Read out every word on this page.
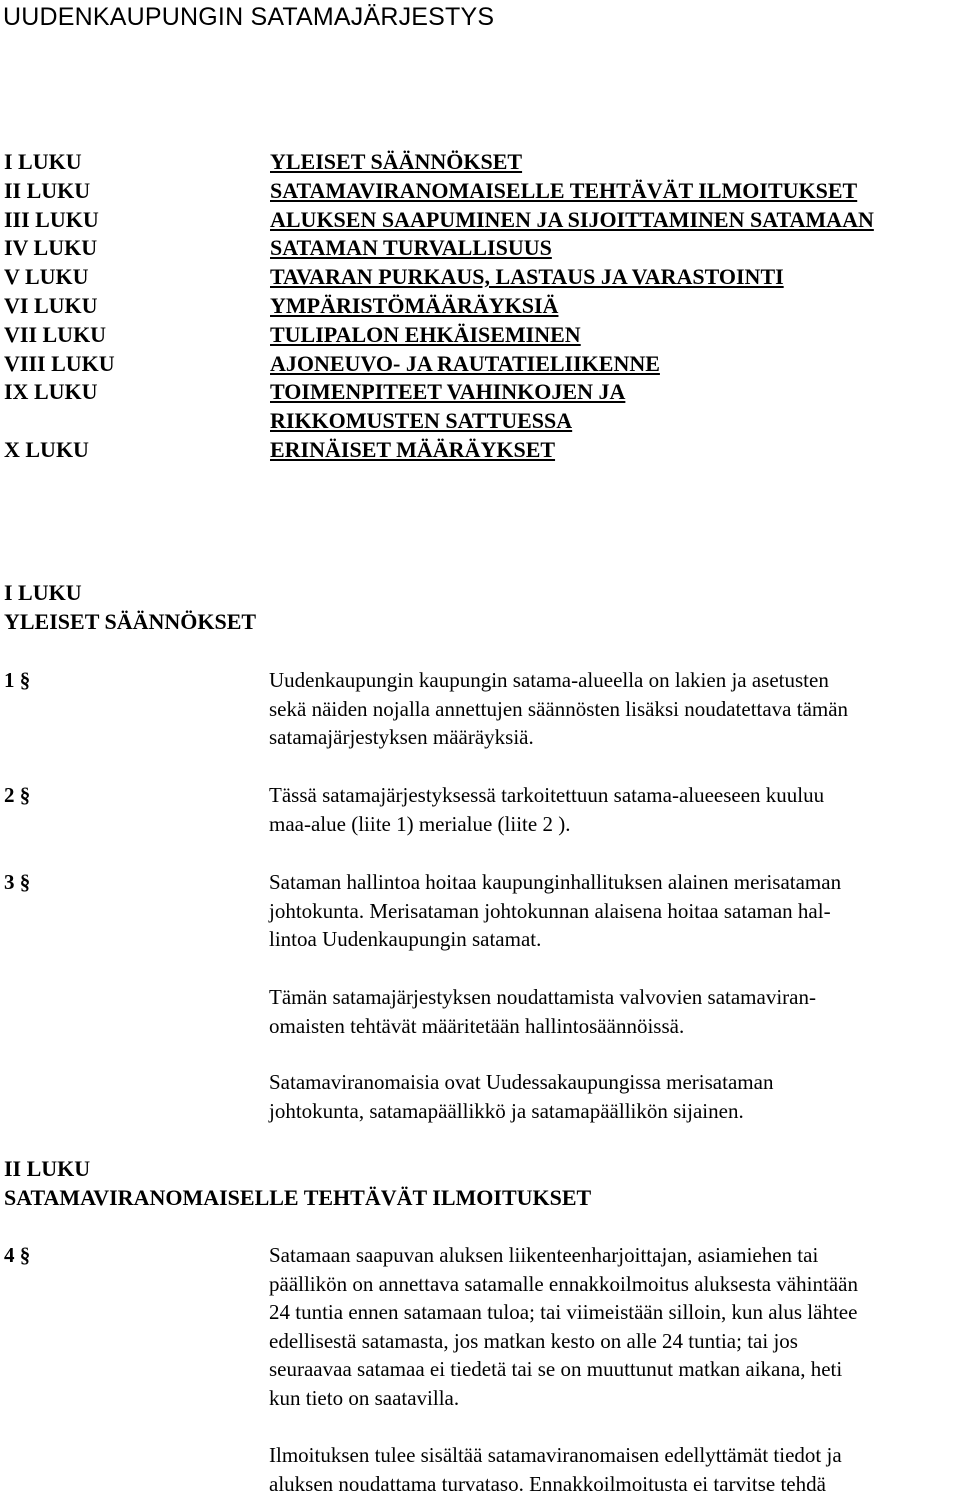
UUDENKAUPUNGIN SATAMAJÄRJESTYS
I LUKU	YLEISET SÄÄNNÖKSET
II LUKU	SATAMAVIRANOMAISELLE TEHTÄVÄT ILMOITUKSET
III LUKU	ALUKSEN SAAPUMINEN JA SIJOITTAMINEN SATAMAAN
IV LUKU	SATAMAN TURVALLISUUS
V LUKU	TAVARAN PURKAUS, LASTAUS JA VARASTOINTI
VI LUKU	YMPÄRISTÖMÄÄRÄYKSIÄ
VII LUKU	TULIPALON EHKÄISEMINEN
VIII LUKU	AJONEUVO- JA RAUTATIELIIKENNE
IX LUKU	TOIMENPITEET VAHINKOJEN JA
RIKKOMUSTEN SATTUESSA
X LUKU	ERINÄISET MÄÄRÄYKSET
I LUKU
YLEISET SÄÄNNÖKSET
1 §	Uudenkaupungin kaupungin satama-alueella on lakien ja asetusten
sekä näiden nojalla annettujen säännösten lisäksi noudatettava tämän
satamajärjestyksen määräyksiä.

2 §	Tässä satamajärjestyksessä tarkoitettuun satama-alueeseen kuuluu
maa-alue (liite 1) merialue (liite 2 ).

3 §	Sataman hallintoa hoitaa kaupunginhallituksen alainen merisataman
johtokunta. Merisataman johtokunnan alaisena hoitaa sataman hal-
lintoa Uudenkaupungin satamat.

Tämän satamajärjestyksen noudattamista valvovien satamaviran-
omaisten tehtävät määritetään hallintosäännöissä.

Satamaviranomaisia ovat Uudessakaupungissa merisataman
johtokunta, satamapäällikkö ja satamapäällikön sijainen.

II LUKU
SATAMAVIRANOMAISELLE TEHTÄVÄT ILMOITUKSET
4 §	Satamaan saapuvan aluksen liikenteenharjoittajan, asiamiehen tai
päällikön on annettava satamalle ennakkoilmoitus aluksesta vähintään
24 tuntia ennen satamaan tuloa; tai viimeistään silloin, kun alus lähtee
edellisestä satamasta, jos matkan kesto on alle 24 tuntia; tai jos
seuraavaa satamaa ei tiedetä tai se on muuttunut matkan aikana, heti
kun tieto on saatavilla.

Ilmoituksen tulee sisältää satamaviranomaisen edellyttämät tiedot ja
aluksen noudattama turvataso. Ennakkoilmoitusta ei tarvitse tehdä
